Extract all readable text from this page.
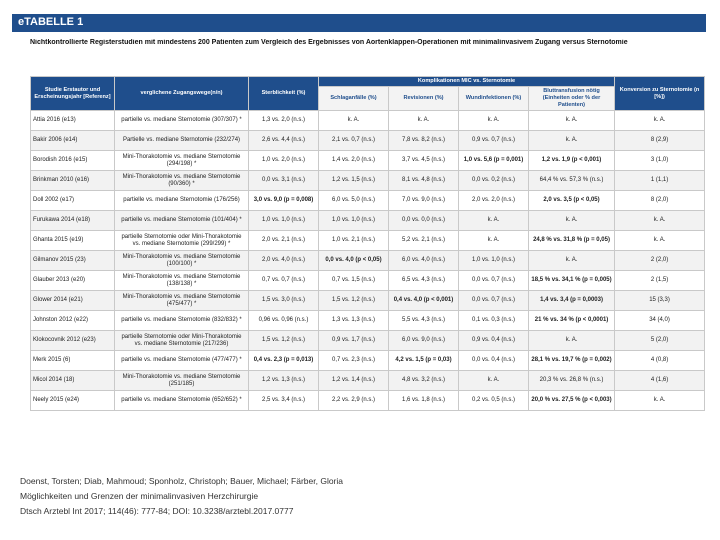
eTABELLE 1
Nichtkontrollierte Registerstudien mit mindestens 200 Patienten zum Vergleich des Ergebnisses von Aortenklappen-Operationen mit minimalinvasivem Zugang versus Sternotomie
Studie Erstautor und Erscheinungsjahr [Referenz]	verglichene Zugangswege(n/n)	Sterblichkeit (%)	Komplikationen MIC vs. Sternotomie				Konversion zu Sternotomie (n [%])
			Schlaganfälle (%)	Revisionen (%)	Wundinfektionen (%)	Bluttransfusion nötig (Einheiten oder % der Patienten)	
Attia 2016 (e13)	partielle vs. mediane Sternotomie (307/307) *	1,3 vs. 2,0 (n.s.)	k. A.	k. A.	k. A.	k. A.	k. A.
Bakir 2006 (e14)	Partielle vs. mediane Sternotomie (232/274)	2,6 vs. 4,4 (n.s.)	2,1 vs. 0,7 (n.s.)	7,8 vs. 8,2 (n.s.)	0,9 vs. 0,7 (n.s.)	k. A.	8 (2,9)
Borodish 2016 (e15)	Mini-Thorakotomie vs. mediane Sternotomie (294/198) *	1,0 vs. 2,0 (n.s.)	1,4 vs. 2,0 (n.s.)	3,7 vs. 4,5 (n.s.)	1,0 vs. 5,6 (p = 0,001)	1,2 vs. 1,9 (p < 0,001)	3 (1,0)
Brinkman 2010 (e16)	Mini-Thorakotomie vs. mediane Sternotomie (90/360) *	0,0 vs. 3,1 (n.s.)	1,2 vs. 1,5 (n.s.)	8,1 vs. 4,8 (n.s.)	0,0 vs. 0,2 (n.s.)	64,4 % vs. 57,3 % (n.s.)	1 (1,1)
Doll 2002 (e17)	partielle vs. mediane Sternotomie (176/256)	3,0 vs. 9,0 (p = 0,008)	6,0 vs. 5,0 (n.s.)	7,0 vs. 9,0 (n.s.)	2,0 vs. 2,0 (n.s.)	2,0 vs. 3,5 (p < 0,05)	8 (2,0)
Furukawa 2014 (e18)	partielle vs. mediane Sternotomie (101/404) *	1,0 vs. 1,0 (n.s.)	1,0 vs. 1,0 (n.s.)	0,0 vs. 0,0 (n.s.)	k. A.	k. A.	k. A.
Ghanta 2015 (e19)	partielle Sternotomie oder Mini-Thorakotomie vs. mediane Sternotomie (299/299) *	2,0 vs. 2,1 (n.s.)	1,0 vs. 2,1 (n.s.)	5,2 vs. 2,1 (n.s.)	k. A.	24,8 % vs. 31,8 % (p = 0,05)	k. A.
Gilmanov 2015 (23)	Mini-Thorakotomie vs. mediane Sternotomie (100/100) *	2,0 vs. 4,0 (n.s.)	0,0 vs. 4,0 (p < 0,05)	6,0 vs. 4,0 (n.s.)	1,0 vs. 1,0 (n.s.)	k. A.	2 (2,0)
Glauber 2013 (e20)	Mini-Thorakotomie vs. mediane Sternotomie (138/138) *	0,7 vs. 0,7 (n.s.)	0,7 vs. 1,5 (n.s.)	6,5 vs. 4,3 (n.s.)	0,0 vs. 0,7 (n.s.)	18,5 % vs. 34,1 % (p = 0,005)	2 (1,5)
Glower 2014 (e21)	Mini-Thorakotomie vs. mediane Sternotomie (475/477) *	1,5 vs. 3,0 (n.s.)	1,5 vs. 1,2 (n.s.)	0,4 vs. 4,0 (p < 0,001)	0,0 vs. 0,7 (n.s.)	1,4 vs. 3,4 (p = 0,0003)	15 (3,3)
Johnston 2012 (e22)	partielle vs. mediane Sternotomie (832/832) *	0,96 vs. 0,96 (n.s.)	1,3 vs. 1,3 (n.s.)	5,5 vs. 4,3 (n.s.)	0,1 vs. 0,3 (n.s.)	21 % vs. 34 % (p < 0,0001)	34 (4,0)
Klokocovnik 2012 (e23)	partielle Sternotomie oder Mini-Thorakotomie vs. mediane Sternotomie (217/236)	1,5 vs. 1,2 (n.s.)	0,9 vs. 1,7 (n.s.)	6,0 vs. 9,0 (n.s.)	0,9 vs. 0,4 (n.s.)	k. A.	5 (2,0)
Merk 2015 (6)	partielle vs. mediane Sternotomie (477/477) *	0,4 vs. 2,3 (p = 0,013)	0,7 vs. 2,3 (n.s.)	4,2 vs. 1,5 (p = 0,03)	0,0 vs. 0,4 (n.s.)	28,1 % vs. 19,7 % (p = 0,002)	4 (0,8)
Micol 2014 (18)	Mini-Thorakotomie vs. mediane Sternotomie (251/185)	1,2 vs. 1,3 (n.s.)	1,2 vs. 1,4 (n.s.)	4,8 vs. 3,2 (n.s.)	k. A.	20,3 % vs. 26,8 % (n.s.)	4 (1,6)
Neely 2015 (e24)	partielle vs. mediane Sternotomie (652/652) *	2,5 vs. 3,4 (n.s.)	2,2 vs. 2,9 (n.s.)	1,6 vs. 1,8 (n.s.)	0,2 vs. 0,5 (n.s.)	20,0 % vs. 27,5 % (p < 0,003)	k. A.
Doenst, Torsten; Diab, Mahmoud; Sponholz, Christoph; Bauer, Michael; Färber, Gloria
Möglichkeiten und Grenzen der minimalinvasiven Herzchirurgie
Dtsch Arztebl Int 2017; 114(46): 777-84; DOI: 10.3238/arztebl.2017.0777
